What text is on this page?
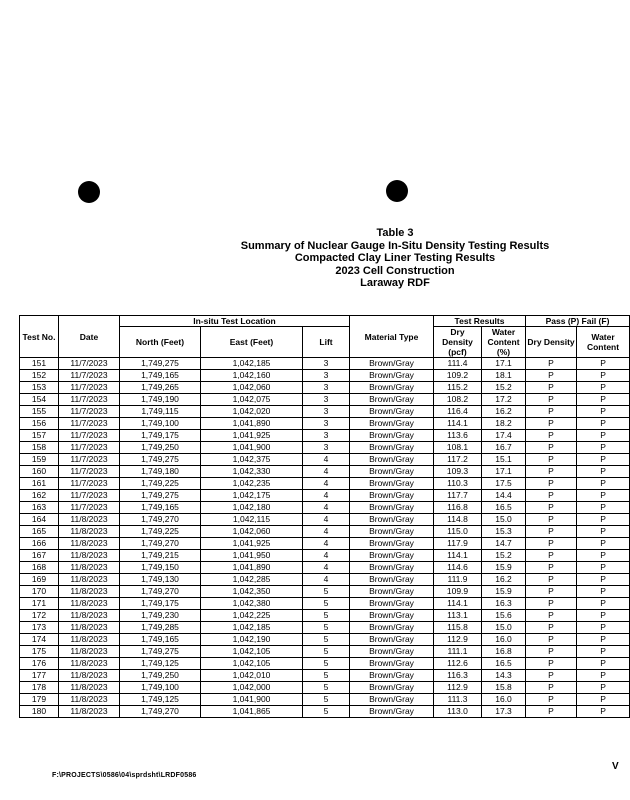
Table 3
Summary of Nuclear Gauge In-Situ Density Testing Results
Compacted Clay Liner Testing Results
2023 Cell Construction
Laraway RDF
Test No.	Date	In-situ Test Location			Material Type	Test Results		Pass (P) Fail (F)	
		North (Feet)	East (Feet)	Lift		Dry Density (pcf)	Water Content (%)		
								Dry Density	Water Content
151	11/7/2023	1,749,275	1,042,185	3	Brown/Gray	111.4	17.1	P	P
152	11/7/2023	1,749,165	1,042,160	3	Brown/Gray	109.2	18.1	P	P
153	11/7/2023	1,749,265	1,042,060	3	Brown/Gray	115.2	15.2	P	P
154	11/7/2023	1,749,190	1,042,075	3	Brown/Gray	108.2	17.2	P	P
155	11/7/2023	1,749,115	1,042,020	3	Brown/Gray	116.4	16.2	P	P
156	11/7/2023	1,749,100	1,041,890	3	Brown/Gray	114.1	18.2	P	P
157	11/7/2023	1,749,175	1,041,925	3	Brown/Gray	113.6	17.4	P	P
158	11/7/2023	1,749,250	1,041,900	3	Brown/Gray	108.1	16.7	P	P
159	11/7/2023	1,749,275	1,042,375	4	Brown/Gray	117.2	15.1	P	P
160	11/7/2023	1,749,180	1,042,330	4	Brown/Gray	109.3	17.1	P	P
161	11/7/2023	1,749,225	1,042,235	4	Brown/Gray	110.3	17.5	P	P
162	11/7/2023	1,749,275	1,042,175	4	Brown/Gray	117.7	14.4	P	P
163	11/7/2023	1,749,165	1,042,180	4	Brown/Gray	116.8	16.5	P	P
164	11/8/2023	1,749,270	1,042,115	4	Brown/Gray	114.8	15.0	P	P
165	11/8/2023	1,749,225	1,042,060	4	Brown/Gray	115.0	15.3	P	P
166	11/8/2023	1,749,270	1,041,925	4	Brown/Gray	117.9	14.7	P	P
167	11/8/2023	1,749,215	1,041,950	4	Brown/Gray	114.1	15.2	P	P
168	11/8/2023	1,749,150	1,041,890	4	Brown/Gray	114.6	15.9	P	P
169	11/8/2023	1,749,130	1,042,285	4	Brown/Gray	111.9	16.2	P	P
170	11/8/2023	1,749,270	1,042,350	5	Brown/Gray	109.9	15.9	P	P
171	11/8/2023	1,749,175	1,042,380	5	Brown/Gray	114.1	16.3	P	P
172	11/8/2023	1,749,230	1,042,225	5	Brown/Gray	113.1	15.6	P	P
173	11/8/2023	1,749,285	1,042,185	5	Brown/Gray	115.8	15.0	P	P
174	11/8/2023	1,749,165	1,042,190	5	Brown/Gray	112.9	16.0	P	P
175	11/8/2023	1,749,275	1,042,105	5	Brown/Gray	111.1	16.8	P	P
176	11/8/2023	1,749,125	1,042,105	5	Brown/Gray	112.6	16.5	P	P
177	11/8/2023	1,749,250	1,042,010	5	Brown/Gray	116.3	14.3	P	P
178	11/8/2023	1,749,100	1,042,000	5	Brown/Gray	112.9	15.8	P	P
179	11/8/2023	1,749,125	1,041,900	5	Brown/Gray	111.3	16.0	P	P
180	11/8/2023	1,749,270	1,041,865	5	Brown/Gray	113.0	17.3	P	P
F:\PROJECTS\0586\04\sprdsht\LRDF0586
V
